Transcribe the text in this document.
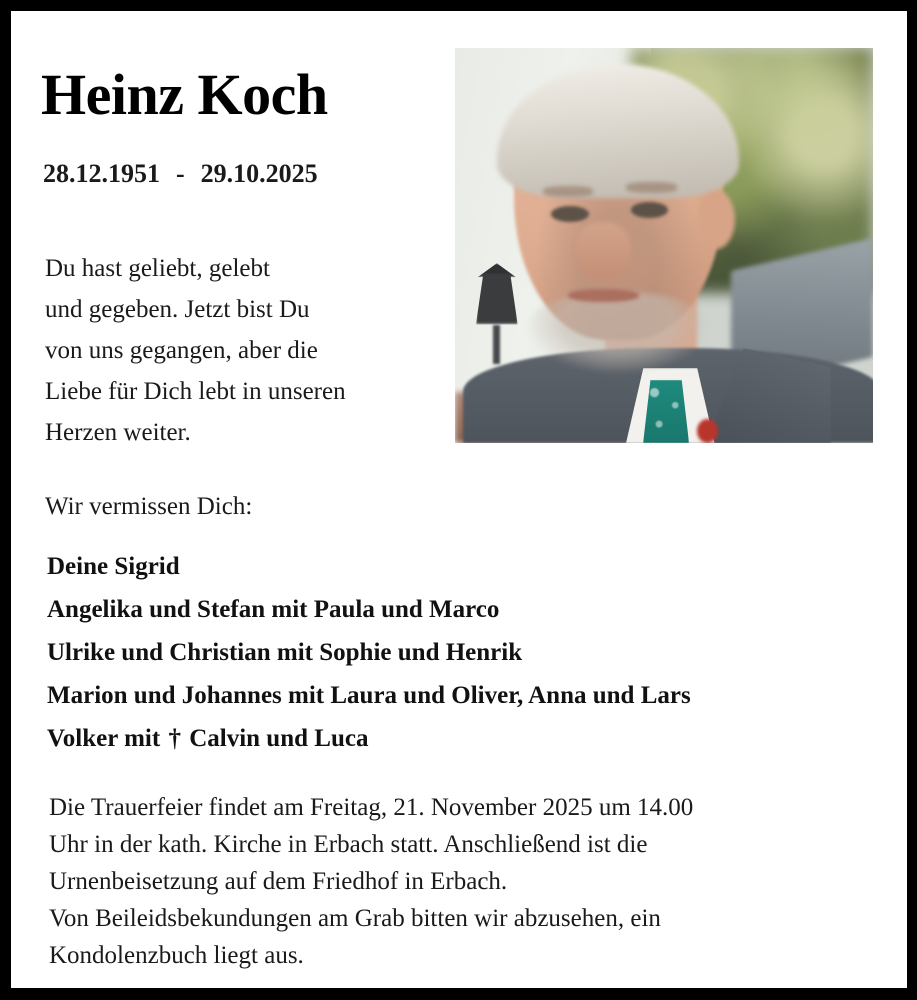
Heinz Koch
28.12.1951 - 29.10.2025
Du hast geliebt, gelebt
und gegeben. Jetzt bist Du
von uns gegangen, aber die
Liebe für Dich lebt in unseren
Herzen weiter.
Wir vermissen Dich:
Deine Sigrid
Angelika und Stefan mit Paula und Marco
Ulrike und Christian mit Sophie und Henrik
Marion und Johannes mit Laura und Oliver, Anna und Lars
Volker mit † Calvin und Luca
Die Trauerfeier findet am Freitag, 21. November 2025 um 14.00
Uhr in der kath. Kirche in Erbach statt. Anschließend ist die
Urnenbeisetzung auf dem Friedhof in Erbach.
Von Beileidsbekundungen am Grab bitten wir abzusehen, ein
Kondolenzbuch liegt aus.
